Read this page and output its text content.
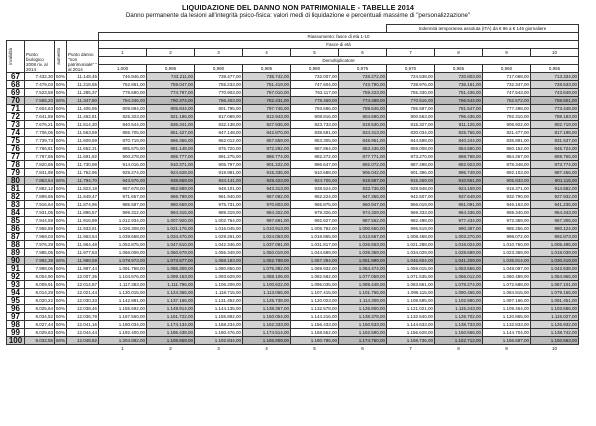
LIQUIDAZIONE DEL DANNO NON PATRIMONIALE - TABELLE 2014
Danno permanente da lesioni all'integrità psico-fisica: valori medi di liquidazione e percentuali massime di "personalizzazione"
										Indennità temporanea assoluta (ITA) da € 96 a € 145 giornaliere			
				Riassumento: fasce di età 1-10									

invalidità	Punto biologico 2008 riv. al 2014	aumento	Punto danno "non patrimoniale" " al 2014	Fasce di età									
				1	2	3	4	5	6	7	8	9	10
				Demoltiplicatore									
				1,000	0,995	0,990	0,985	0,980	0,975	0,970	0,965	0,960	0,955
67	7.432,30	50%	11.148,45	746.946,00	743.211,00	739.477,00	735.742,00	732.007,00	728.272,00	724.538,00	720.803,00	717.068,00	713.334,00
68	7.479,03	50%	11.218,55	762.861,00	759.047,00	755.233,00	751.419,00	747.604,00	743.790,00	739.976,00	736.161,00	732.347,00	728.533,00
69	7.523,58	50%	11.285,37	778.690,00	774.797,00	770.903,00	767.010,00	763.117,00	759.223,00	755.330,00	751.436,00	747.543,00	743.649,00
70	7.565,20	50%	11.347,80	794.346,00	790.374,00	786.403,00	782.431,00	778.459,00	774.488,00	770.516,00	766.544,00	762.572,00	758.601,00
71	7.604,63	50%	11.406,95	809.894,00	805.844,00	801.795,00	797.745,00	793.696,00	789.646,00	785.597,00	781.547,00	777.498,00	773.448,00
72	7.641,88	50%	11.462,81	825.323,00	821.196,00	817.069,00	812.943,00	808.816,00	804.690,00	800.563,00	796.436,00	792.310,00	788.183,00
73	7.676,21	50%	11.514,30	840.544,00	836.341,00	832.138,00	827.935,00	823.733,00	819.530,00	815.327,00	811.125,00	806.922,00	802.719,00
74	7.706,06	50%	11.563,59	855.705,00	851.427,00	847.148,00	842.870,00	838.591,00	834.313,00	830.034,00	825.755,00	821.477,00	817.198,00
75	7.739,73	50%	11.609,59	870.719,00	866.366,00	862.012,00	857.659,00	853.305,00	848.951,00	844.598,00	840.244,00	835.891,00	831.537,00
76	7.766,81	50%	11.652,31	885.575,00	881.148,00	876.720,00	872.292,00	867.864,00	863.436,00	859.008,00	854.580,00	850.152,00	845.724,00
77	7.797,65	50%	11.691,92	900.278,00	895.777,00	891.275,00	886.774,00	882.272,00	877.771,00	873.270,00	868.768,00	864.267,00	859.765,00
78	7.820,65	50%	11.730,98	914.016,00	910.371,00	905.797,00	901.222,00	896.647,00	892.072,00	887.498,00	882.923,00	878.348,00	873.774,00
79	7.841,98	50%	11.762,96	929.274,00	924.628,00	919.981,00	915.335,00	910.688,00	906.042,00	901.396,00	896.749,00	892.103,00	887.456,00
80	7.863,54	50%	11.794,70	943.576,00	938.858,00	934.141,00	929.423,00	924.705,00	919.987,00	915.269,00	910.551,00	905.833,00	901.115,00
81	7.882,12	50%	11.823,18	957.678,00	952.889,00	948.101,00	943.313,00	938.524,00	933.736,00	928.948,00	924.159,00	919.371,00	914.582,00
82	7.899,65	50%	11.849,47	971.657,00	966.799,00	961.940,00	957.082,00	952.224,00	947.365,00	942.507,00	937.649,00	932.790,00	927.932,00
83	7.916,64	50%	11.874,96	985.587,00	980.659,00	975.731,00	970.803,00	965.875,00	960.947,00	956.019,00	951.091,00	946.163,00	941.235,00
84	7.931,05	50%	11.896,57	999.312,00	994.315,00	989.319,00	984.322,00	979.326,00	974.329,00	969.333,00	964.336,00	959.340,00	954.343,00
85	7.944,59	50%	11.916,89	1.012.934,00	1.007.920,00	1.002.764,00	997.691,00	992.627,00	987.562,00	982.498,00	977.434,00	972.369,00	967.305,00
86	7.955,88	50%	11.933,81	1.026.308,00	1.021.176,00	1.016.045,00	1.010.913,00	1.005.782,00	1.000.650,00	995.519,00	990.387,00	985.256,00	980.124,00
87	7.969,03	50%	11.953,54	1.039.658,00	1.034.470,00	1.029.261,00	1.024.063,00	1.018.865,00	1.013.667,00	1.008.468,00	1.003.270,00	998.072,00	992.873,00
88	7.976,29	50%	11.964,48	1.052.875,00	1.047.610,00	1.042.346,00	1.037.081,00	1.031.817,00	1.026.553,00	1.021.288,00	1.016.024,00	1.010.760,00	1.005.495,00
89	7.985,05	50%	11.977,63	1.066.009,00	1.060.679,00	1.055.349,00	1.050.019,00	1.044.689,00	1.039.359,00	1.034.029,00	1.028.699,00	1.023.369,00	1.018.039,00
90	7.992,39	50%	11.988,58	1.078.973,00	1.073.577,00	1.068.183,00	1.062.788,00	1.057.394,00	1.051.999,00	1.046.604,00	1.041.209,00	1.035.814,00	1.030.419,00
91	7.998,06	50%	11.997,44	1.091.768,00	1.086.309,00	1.080.850,00	1.075.392,00	1.069.932,00	1.064.474,00	1.059.015,00	1.053.556,00	1.048.097,00	1.042.638,00
92	8.004,90	50%	12.007,35	1.104.676,00	1.099.153,00	1.093.629,00	1.088.106,00	1.082.582,00	1.077.059,00	1.071.535,00	1.066.012,00	1.060.489,00	1.054.965,00
93	8.009,91	50%	12.014,87	1.117.383,00	1.111.796,00	1.106.209,00	1.100.622,00	1.095.035,00	1.089.448,00	1.083.861,00	1.078.274,00	1.072.688,00	1.067.101,00
94	8.014,29	50%	12.021,44	1.130.015,00	1.124.365,00	1.118.715,00	1.113.065,00	1.107.415,00	1.101.765,00	1.096.115,00	1.090.465,00	1.084.815,00	1.079.165,00
95	8.020,22	50%	12.030,33	1.142.881,00	1.137.166,00	1.131.452,00	1.125.738,00	1.120.023,00	1.114.309,00	1.108.595,00	1.102.880,00	1.097.166,00	1.091.451,00
96	8.025,64	50%	12.038,46	1.155.692,00	1.149.914,00	1.144.135,00	1.138.357,00	1.132.578,00	1.126.800,00	1.121.021,00	1.115.243,00	1.109.464,00	1.103.686,00
97	8.034,52	50%	12.036,78	1.167.560,00	1.161.722,00	1.155.892,00	1.150.054,00	1.144.216,00	1.138.378,00	1.132.540,00	1.126.702,00	1.120.865,00	1.115.027,00
98	8.027,44	50%	12.041,16	1.180.034,00	1.174.134,00	1.168.234,00	1.162.333,00	1.156.433,00	1.150.533,00	1.144.633,00	1.138.733,00	1.132.833,00	1.126.932,00
99	8.029,63	50%	12.044,44	1.192.400,00	1.186.438,00	1.180.476,00	1.174.514,00	1.168.552,00	1.162.590,00	1.156.628,00	1.150.666,00	1.144.704,00	1.138.742,00
100	8.032,55	50%	12.048,82	1.204.882,00	1.198.858,00	1.192.834,00	1.186.809,00	1.180.785,00	1.174.760,00	1.168.736,00	1.162.712,00	1.156.687,00	1.150.663,00
				1	2	3	4	5	6	7	8	9	10
